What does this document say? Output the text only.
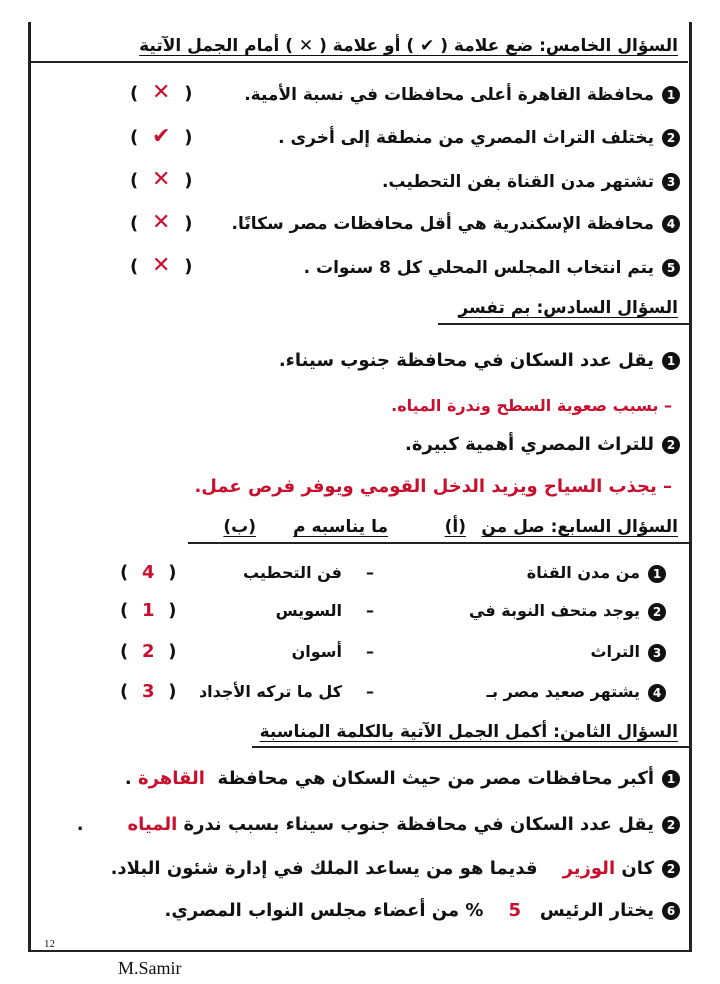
السؤال الخامس: ضع علامة ( ✔ ) أو علامة ( ✕ ) أمام الجمل الآتية
1محافظة القاهرة أعلى محافظات في نسبة الأمية.
( ✕ )
2يختلف التراث المصري من منطقة إلى أخرى .
( ✔ )
3تشتهر مدن القناة بفن التحطيب.
( ✕ )
4محافظة الإسكندرية هي أقل محافظات مصر سكانًا.
( ✕ )
5يتم انتخاب المجلس المحلي كل 8 سنوات .
( ✕ )
السؤال السادس: بم تفسر
1يقل عدد السكان في محافظة جنوب سيناء.
– بسبب صعوبة السطح وندرة المياه.
2للتراث المصري أهمية كبيرة.
– يجذب السياح ويزيد الدخل القومي ويوفر فرص عمل.
السؤال السابع: صل من
(أ)
ما يناسبه م
(ب)
1من مدن القناة
–
فن التحطيب
( 4 )
2يوجد متحف النوبة في
–
السويس
( 1 )
3التراث
–
أسوان
( 2 )
4يشتهر صعيد مصر بـ
–
كل ما تركه الأجداد
( 3 )
السؤال الثامن: أكمل الجمل الآتية بالكلمة المناسبة
1أكبر محافظات مصر من حيث السكان هي محافظة  القاهرة .
2يقل عدد السكان في محافظة جنوب سيناء بسبب ندرة المياه       .
2كان الوزير    قديما هو من يساعد الملك في إدارة شئون البلاد.
6يختار الرئيس   5    % من أعضاء مجلس النواب المصري.
12
M.Samir
